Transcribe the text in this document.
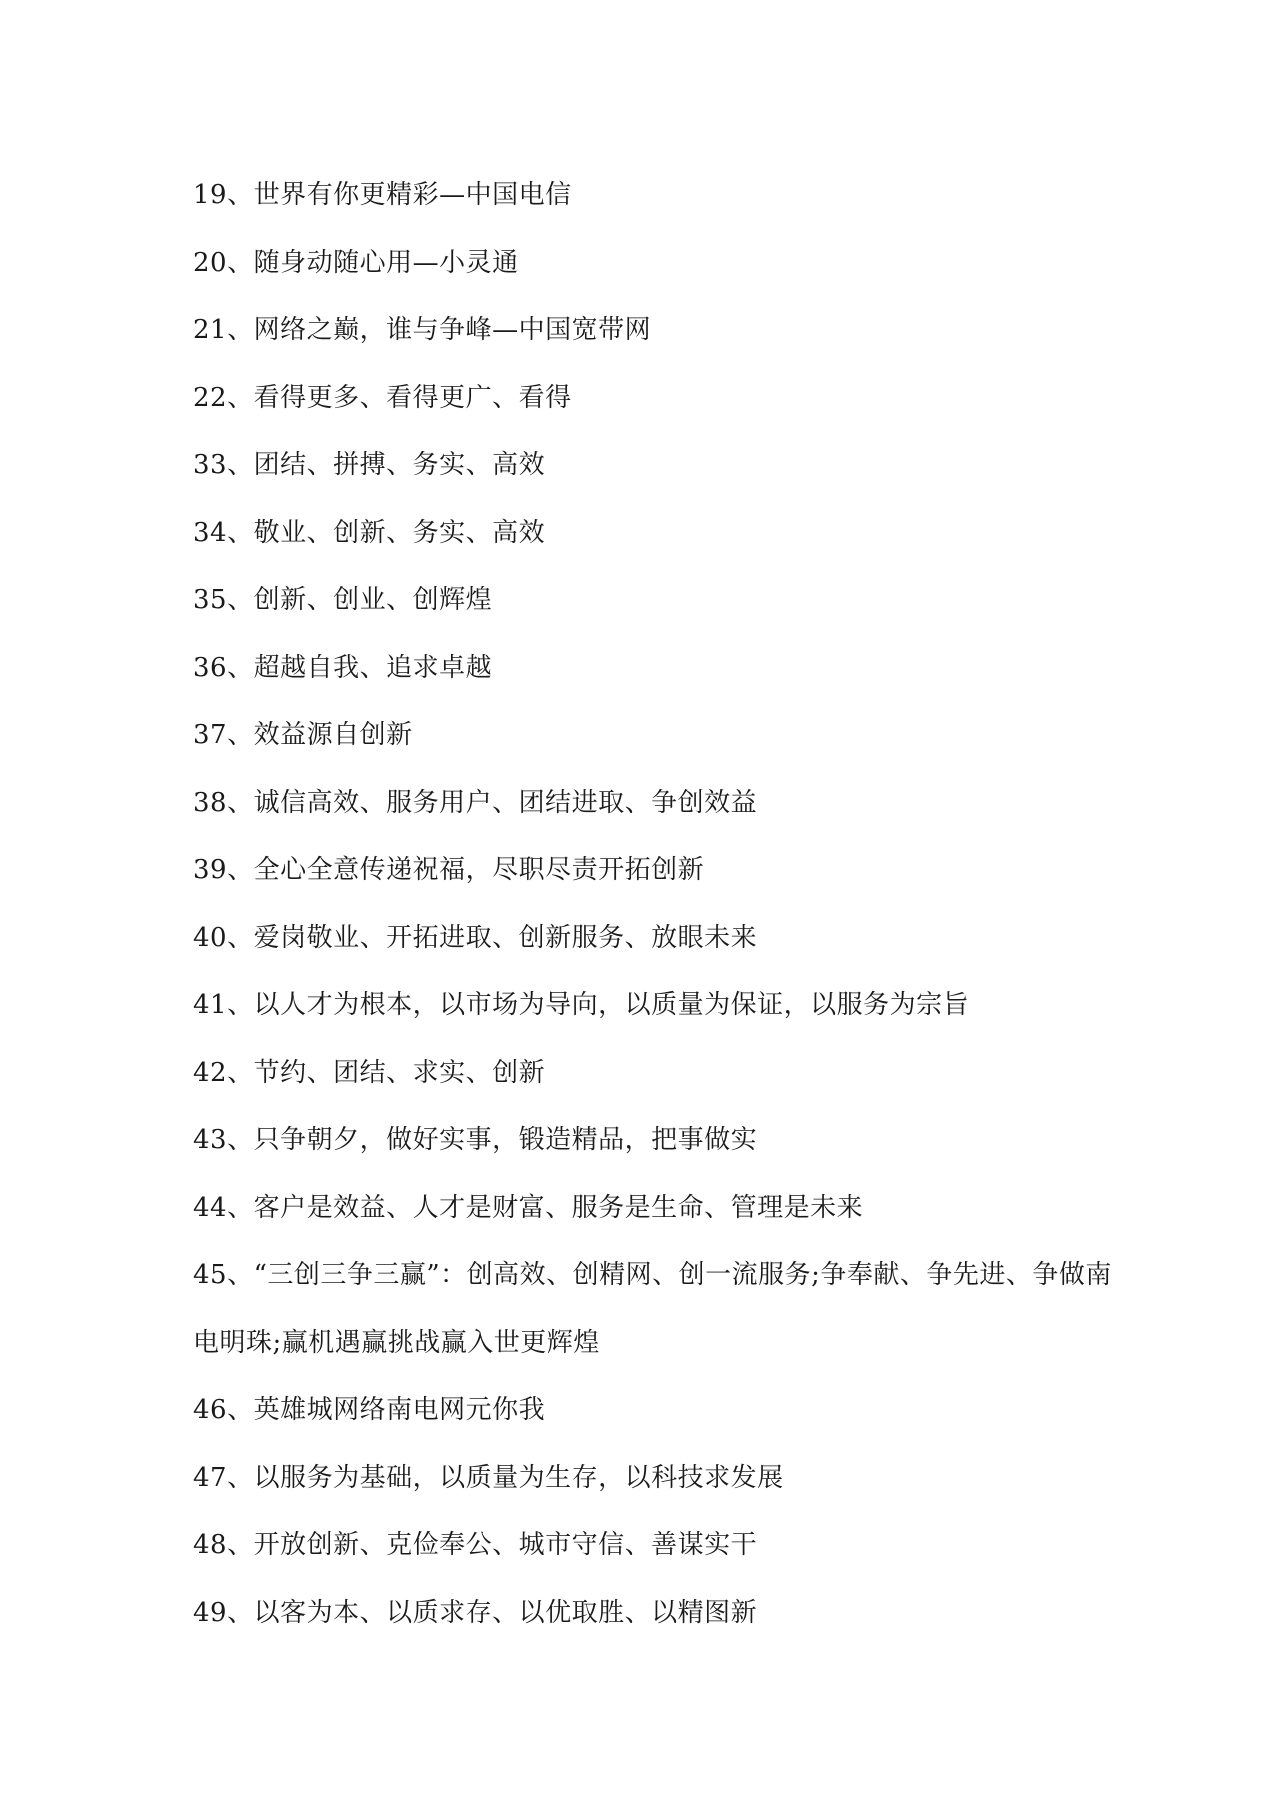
19、世界有你更精彩—中国电信
20、随身动随心用—小灵通
21、网络之巅，谁与争峰—中国宽带网
22、看得更多、看得更广、看得
33、团结、拼搏、务实、高效
34、敬业、创新、务实、高效
35、创新、创业、创辉煌
36、超越自我、追求卓越
37、效益源自创新
38、诚信高效、服务用户、团结进取、争创效益
39、全心全意传递祝福，尽职尽责开拓创新
40、爱岗敬业、开拓进取、创新服务、放眼未来
41、以人才为根本，以市场为导向，以质量为保证，以服务为宗旨
42、节约、团结、求实、创新
43、只争朝夕，做好实事，锻造精品，把事做实
44、客户是效益、人才是财富、服务是生命、管理是未来
45、“三创三争三赢”：创高效、创精网、创一流服务;争奉献、争先进、争做南
电明珠;赢机遇赢挑战赢入世更辉煌
46、英雄城网络南电网元你我
47、以服务为基础，以质量为生存，以科技求发展
48、开放创新、克俭奉公、城市守信、善谋实干
49、以客为本、以质求存、以优取胜、以精图新
